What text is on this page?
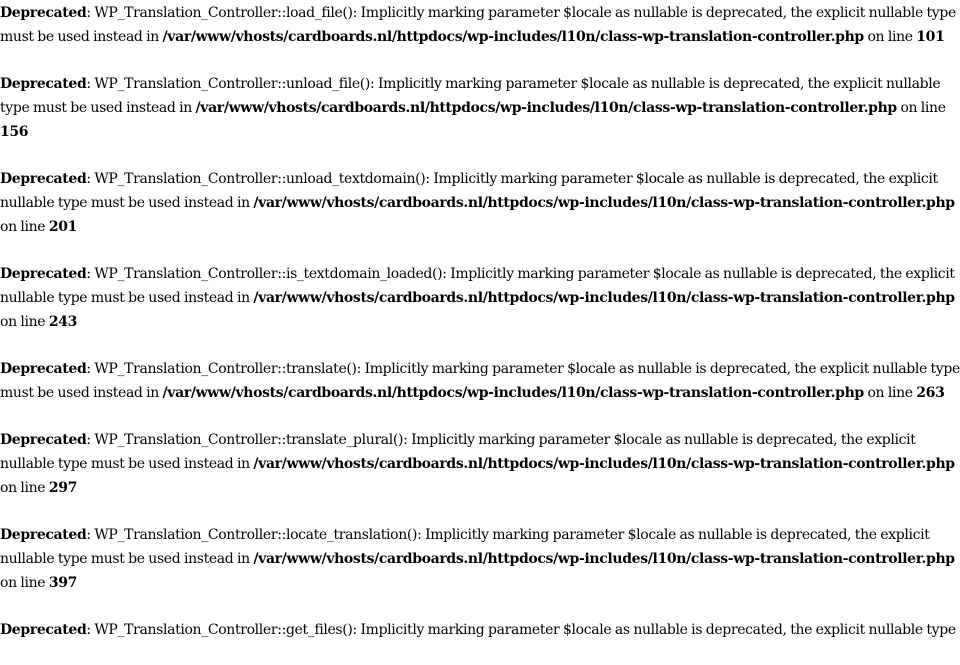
Deprecated: WP_Translation_Controller::load_file(): Implicitly marking parameter $locale as nullable is deprecated, the explicit nullable type must be used instead in /var/www/vhosts/cardboards.nl/httpdocs/wp-includes/l10n/class-wp-translation-controller.php on line 101

Deprecated: WP_Translation_Controller::unload_file(): Implicitly marking parameter $locale as nullable is deprecated, the explicit nullable type must be used instead in /var/www/vhosts/cardboards.nl/httpdocs/wp-includes/l10n/class-wp-translation-controller.php on line 156

Deprecated: WP_Translation_Controller::unload_textdomain(): Implicitly marking parameter $locale as nullable is deprecated, the explicit nullable type must be used instead in /var/www/vhosts/cardboards.nl/httpdocs/wp-includes/l10n/class-wp-translation-controller.php on line 201

Deprecated: WP_Translation_Controller::is_textdomain_loaded(): Implicitly marking parameter $locale as nullable is deprecated, the explicit nullable type must be used instead in /var/www/vhosts/cardboards.nl/httpdocs/wp-includes/l10n/class-wp-translation-controller.php on line 243

Deprecated: WP_Translation_Controller::translate(): Implicitly marking parameter $locale as nullable is deprecated, the explicit nullable type must be used instead in /var/www/vhosts/cardboards.nl/httpdocs/wp-includes/l10n/class-wp-translation-controller.php on line 263

Deprecated: WP_Translation_Controller::translate_plural(): Implicitly marking parameter $locale as nullable is deprecated, the explicit nullable type must be used instead in /var/www/vhosts/cardboards.nl/httpdocs/wp-includes/l10n/class-wp-translation-controller.php on line 297

Deprecated: WP_Translation_Controller::locate_translation(): Implicitly marking parameter $locale as nullable is deprecated, the explicit nullable type must be used instead in /var/www/vhosts/cardboards.nl/httpdocs/wp-includes/l10n/class-wp-translation-controller.php on line 397

Deprecated: WP_Translation_Controller::get_files(): Implicitly marking parameter $locale as nullable is deprecated, the explicit nullable type
